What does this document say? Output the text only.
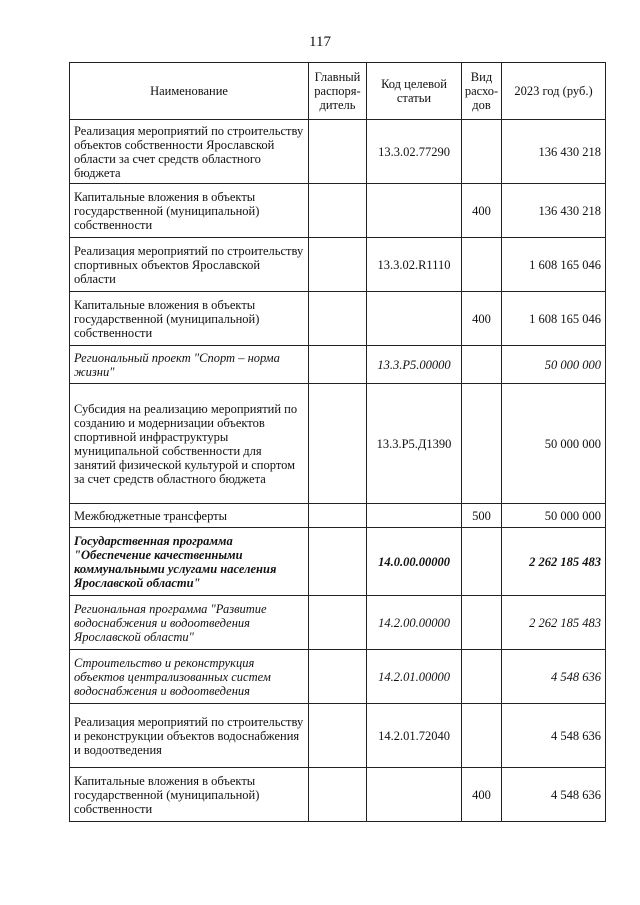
117
Наименование	Главный распоря-дитель	Код целевой статьи	Вид расхо-дов	2023 год (руб.)
Реализация мероприятий по строительству объектов собственности Ярославской области за счет средств областного бюджета		13.3.02.77290		136 430 218
Капитальные вложения в объекты государственной (муниципальной) собственности			400	136 430 218
Реализация мероприятий по строительству спортивных объектов Ярославской области		13.3.02.R1110		1 608 165 046
Капитальные вложения в объекты государственной (муниципальной) собственности			400	1 608 165 046
Региональный проект "Спорт – норма жизни"		13.3.Р5.00000		50 000 000
Субсидия на реализацию мероприятий по созданию и модернизации объектов спортивной инфраструктуры муниципальной собственности для занятий физической культурой и спортом за счет средств областного бюджета		13.3.Р5.Д1390		50 000 000
Межбюджетные трансферты			500	50 000 000
Государственная программа "Обеспечение качественными коммунальными услугами населения Ярославской области"		14.0.00.00000		2 262 185 483
Региональная программа "Развитие водоснабжения и водоотведения Ярославской области"		14.2.00.00000		2 262 185 483
Строительство и реконструкция объектов централизованных систем водоснабжения и водоотведения		14.2.01.00000		4 548 636
Реализация мероприятий по строительству и реконструкции объектов водоснабжения и водоотведения		14.2.01.72040		4 548 636
Капитальные вложения в объекты государственной (муниципальной) собственности			400	4 548 636
